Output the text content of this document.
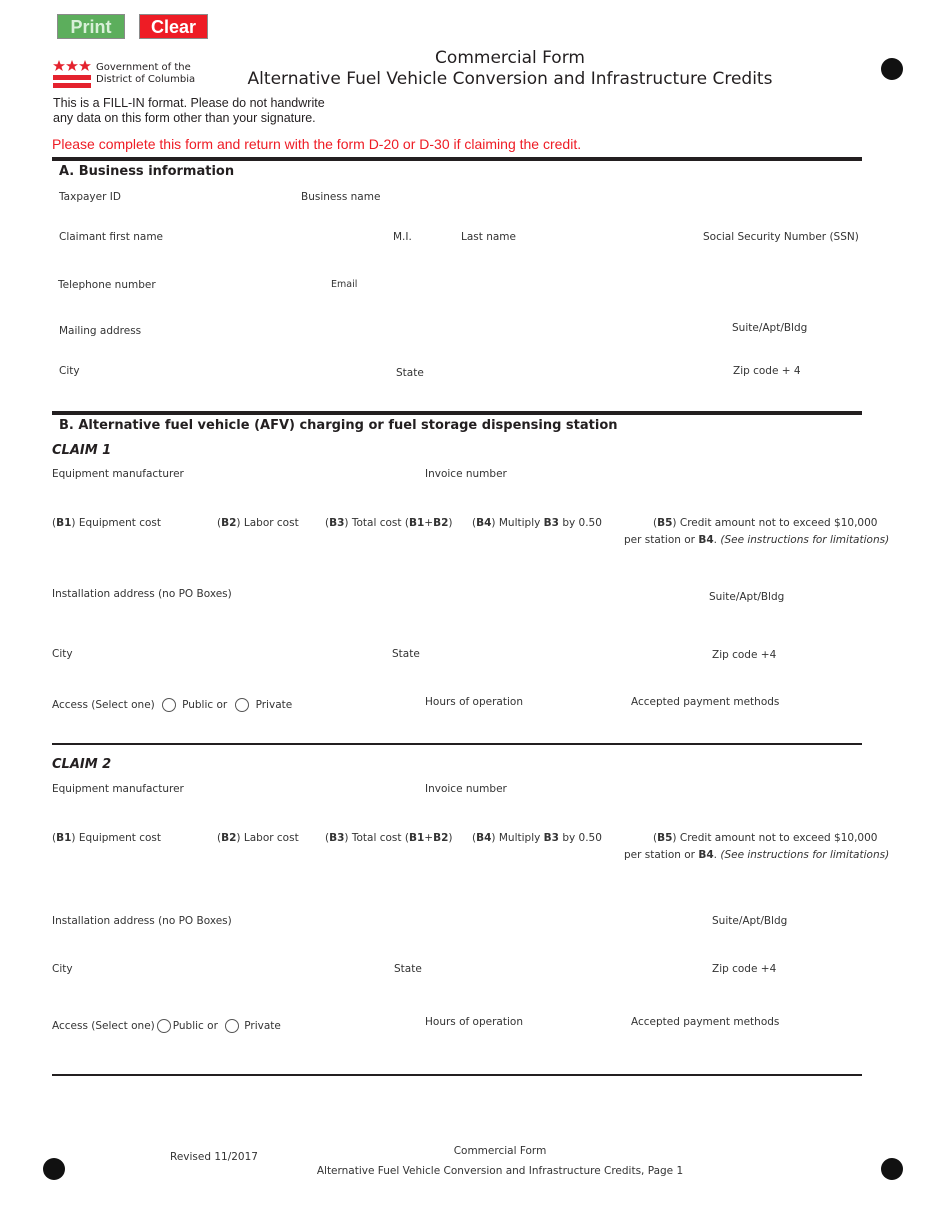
Print	Clear
Government of the
District of Columbia
Commercial Form
Alternative Fuel Vehicle Conversion and Infrastructure Credits
This is a FILL-IN format. Please do not handwrite
any data on this form other than your signature.
Please complete this form and return with the form D-20 or D-30 if claiming the credit.
A. Business information
Taxpayer ID	Business name
Claimant first name	M.I.	Last name	Social Security Number (SSN)
Telephone number	Email
Mailing address	Suite/Apt/Bldg
City	State	Zip code + 4
B. Alternative fuel vehicle (AFV) charging or fuel storage dispensing station
CLAIM 1
Equipment manufacturer	Invoice number
(B1) Equipment cost	(B2) Labor cost	(B3) Total cost (B1+B2) (B4) Multiply B3 by 0.50	(B5) Credit amount not to exceed $10,000
per station or B4. (See instructions for limitations)
Installation address (no PO Boxes)	Suite/Apt/Bldg
City	State	Zip code +4
Access (Select one)	Public or	Private	Hours of operation	Accepted payment methods
CLAIM 2
Equipment manufacturer	Invoice number
(B1) Equipment cost	(B2) Labor cost	(B3) Total cost (B1+B2) (B4) Multiply B3 by 0.50	(B5) Credit amount not to exceed $10,000
per station or B4. (See instructions for limitations)
Installation address (no PO Boxes)	Suite/Apt/Bldg
City	State	Zip code +4
Access (Select one) Public or	Private	Hours of operation	Accepted payment methods
Revised 11/2017	Commercial Form
Alternative Fuel Vehicle Conversion and Infrastructure Credits, Page 1
